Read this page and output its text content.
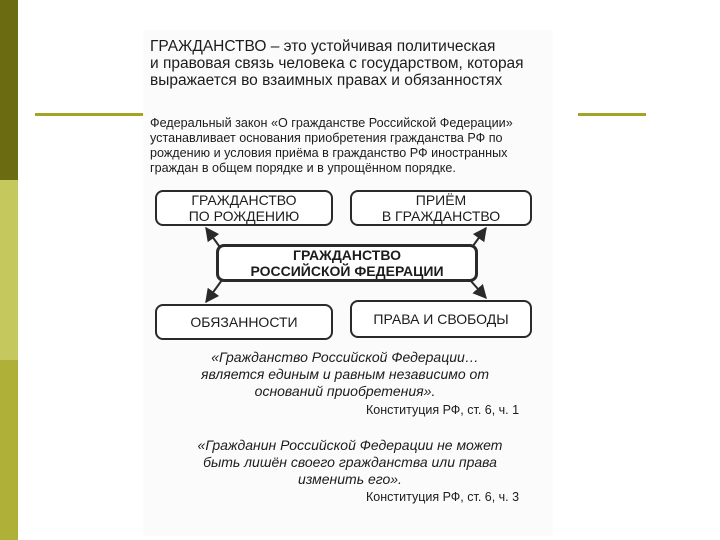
ГРАЖДАНСТВО – это устойчивая политическая

и правовая связь человека с государством, которая

выражается во взаимных правах и обязанностях

Федеральный закон «О гражданстве Российской Федерации»

устанавливает основания приобретения гражданства РФ по

рождению и условия приёма в гражданство РФ иностранных

граждан в общем порядке и в упрощённом порядке.

ГРАЖДАНСТВО
ПО РОЖДЕНИЮ
ПРИЁМ
В ГРАЖДАНСТВО
ГРАЖДАНСТВО
РОССИЙСКОЙ ФЕДЕРАЦИИ
ОБЯЗАННОСТИ	ПРАВА И СВОБОДЫ
«Гражданство Российской Федерации…
является единым и равным независимо от
оснований приобретения».
Конституция РФ, ст. 6, ч. 1
«Гражданин Российской Федерации не может
быть лишён своего гражданства или права
изменить его».
Конституция РФ, ст. 6, ч. 3
